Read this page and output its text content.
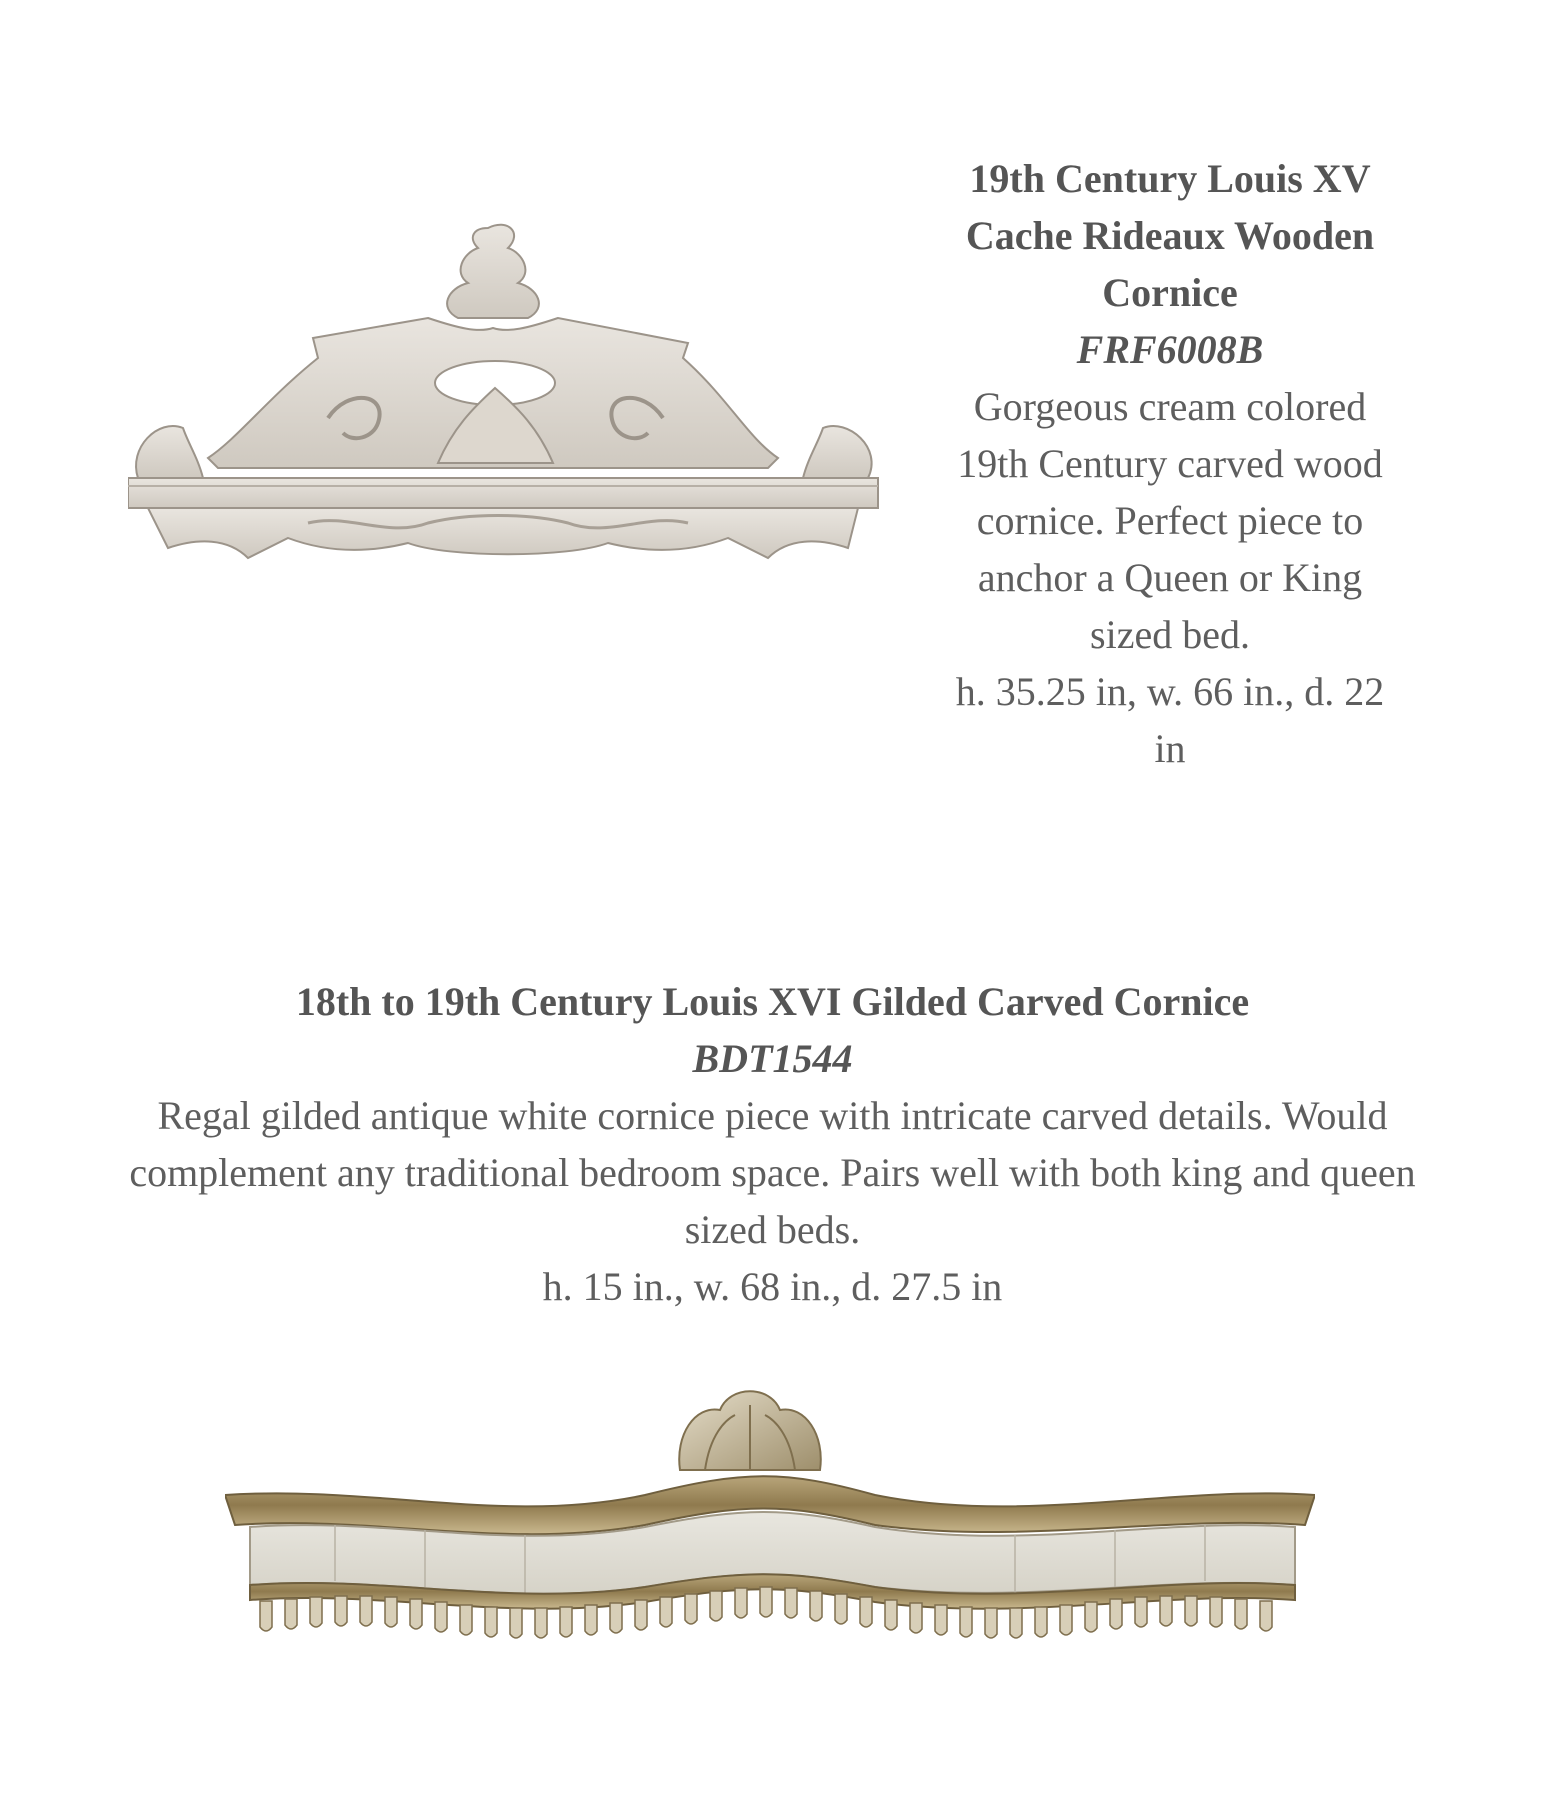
19th Century Louis XV Cache Rideaux Wooden Cornice
FRF6008B
Gorgeous cream colored 19th Century carved wood cornice. Perfect piece to anchor a Queen or King sized bed.
h. 35.25 in, w. 66 in., d. 22 in
18th to 19th Century Louis XVI Gilded Carved Cornice
BDT1544
Regal gilded antique white cornice piece with intricate carved details. Would complement any traditional bedroom space. Pairs well with both king and queen sized beds.
h. 15 in., w. 68 in., d. 27.5 in
